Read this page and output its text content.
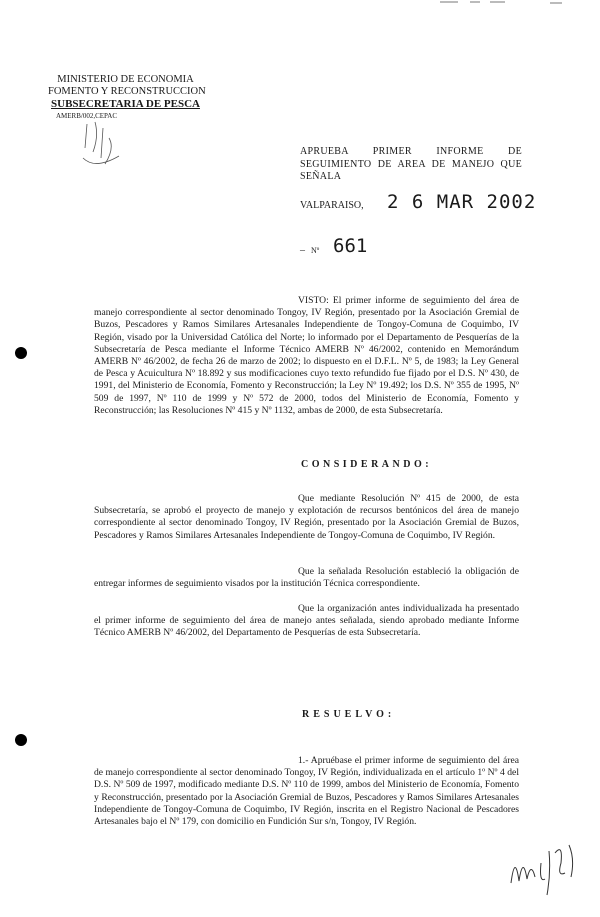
MINISTERIO DE ECONOMIA
FOMENTO Y RECONSTRUCCION
SUBSECRETARIA DE PESCA
AMERB/002,CEPAC
APRUEBA PRIMER INFORME DE SEGUIMIENTO DE AREA DE MANEJO QUE SEÑALA
VALPARAISO, 2 6 MAR 2002
– Nº 661
VISTO: El primer informe de seguimiento del área de manejo correspondiente al sector denominado Tongoy, IV Región, presentado por la Asociación Gremial de Buzos, Pescadores y Ramos Similares Artesanales Independiente de Tongoy-Comuna de Coquimbo, IV Región, visado por la Universidad Católica del Norte; lo informado por el Departamento de Pesquerías de la Subsecretaría de Pesca mediante el Informe Técnico AMERB Nº 46/2002, contenido en Memorándum AMERB Nº 46/2002, de fecha 26 de marzo de 2002; lo dispuesto en el D.F.L. Nº 5, de 1983; la Ley General de Pesca y Acuicultura Nº 18.892 y sus modificaciones cuyo texto refundido fue fijado por el D.S. Nº 430, de 1991, del Ministerio de Economía, Fomento y Reconstrucción; la Ley Nº 19.492; los D.S. Nº 355 de 1995, Nº 509 de 1997, Nº 110 de 1999 y Nº 572 de 2000, todos del Ministerio de Economía, Fomento y Reconstrucción; las Resoluciones Nº 415 y Nº 1132, ambas de 2000, de esta Subsecretaría.
CONSIDERANDO:
Que mediante Resolución Nº 415 de 2000, de esta Subsecretaría, se aprobó el proyecto de manejo y explotación de recursos bentónicos del área de manejo correspondiente al sector denominado Tongoy, IV Región, presentado por la Asociación Gremial de Buzos, Pescadores y Ramos Similares Artesanales Independiente de Tongoy-Comuna de Coquimbo, IV Región.
Que la señalada Resolución estableció la obligación de entregar informes de seguimiento visados por la institución Técnica correspondiente.
Que la organización antes individualizada ha presentado el primer informe de seguimiento del área de manejo antes señalada, siendo aprobado mediante Informe Técnico AMERB Nº 46/2002, del Departamento de Pesquerías de esta Subsecretaría.
RESUELVO:
1.- Apruébase el primer informe de seguimiento del área de manejo correspondiente al sector denominado Tongoy, IV Región, individualizada en el artículo 1º Nº 4 del D.S. Nº 509 de 1997, modificado mediante D.S. Nº 110 de 1999, ambos del Ministerio de Economía, Fomento y Reconstrucción, presentado por la Asociación Gremial de Buzos, Pescadores y Ramos Similares Artesanales Independiente de Tongoy-Comuna de Coquimbo, IV Región, inscrita en el Registro Nacional de Pescadores Artesanales bajo el Nº 179, con domicilio en Fundición Sur s/n, Tongoy, IV Región.
